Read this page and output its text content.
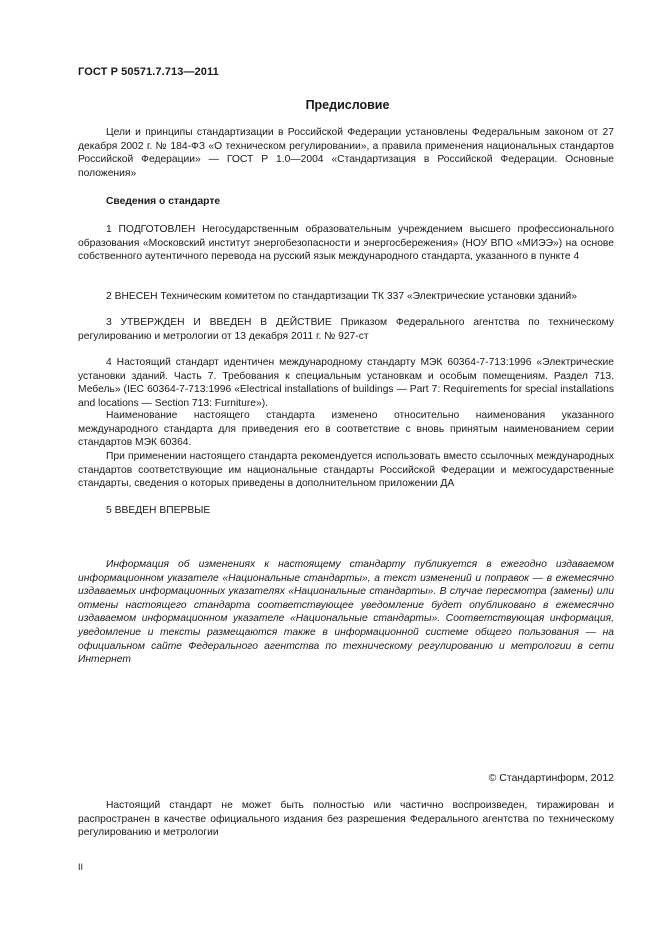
ГОСТ Р 50571.7.713—2011
Предисловие
Цели и принципы стандартизации в Российской Федерации установлены Федеральным законом от 27 декабря 2002 г. № 184-ФЗ «О техническом регулировании», а правила применения национальных стандартов Российской Федерации» — ГОСТ Р 1.0—2004 «Стандартизация в Российской Федерации. Основные положения»
Сведения о стандарте
1 ПОДГОТОВЛЕН Негосударственным образовательным учреждением высшего профессионального образования «Московский институт энергобезопасности и энергосбережения» (НОУ ВПО «МИЭЭ») на основе собственного аутентичного перевода на русский язык международного стандарта, указанного в пункте 4
2 ВНЕСЕН Техническим комитетом по стандартизации ТК 337 «Электрические установки зданий»
3 УТВЕРЖДЕН И ВВЕДЕН В ДЕЙСТВИЕ Приказом Федерального агентства по техническому регулированию и метрологии от 13 декабря 2011 г. № 927-ст
4 Настоящий стандарт идентичен международному стандарту МЭК 60364-7-713:1996 «Электрические установки зданий. Часть 7. Требования к специальным установкам и особым помещениям. Раздел 713. Мебель» (IEC 60364-7-713:1996 «Electrical installations of buildings — Part 7: Requirements for special installations and locations — Section 713: Furniture»).
Наименование настоящего стандарта изменено относительно наименования указанного международного стандарта для приведения его в соответствие с вновь принятым наименованием серии стандартов МЭК 60364.
При применении настоящего стандарта рекомендуется использовать вместо ссылочных международных стандартов соответствующие им национальные стандарты Российской Федерации и межгосударственные стандарты, сведения о которых приведены в дополнительном приложении ДА
5 ВВЕДЕН ВПЕРВЫЕ
Информация об изменениях к настоящему стандарту публикуется в ежегодно издаваемом информационном указателе «Национальные стандарты», а текст изменений и поправок — в ежемесячно издаваемых информационных указателях «Национальные стандарты». В случае пересмотра (замены) или отмены настоящего стандарта соответствующее уведомление будет опубликовано в ежемесячно издаваемом информационном указателе «Национальные стандарты». Соответствующая информация, уведомление и тексты размещаются также в информационной системе общего пользования — на официальном сайте Федерального агентства по техническому регулированию и метрологии в сети Интернет
© Стандартинформ, 2012
Настоящий стандарт не может быть полностью или частично воспроизведен, тиражирован и распространен в качестве официального издания без разрешения Федерального агентства по техническому регулированию и метрологии
II
